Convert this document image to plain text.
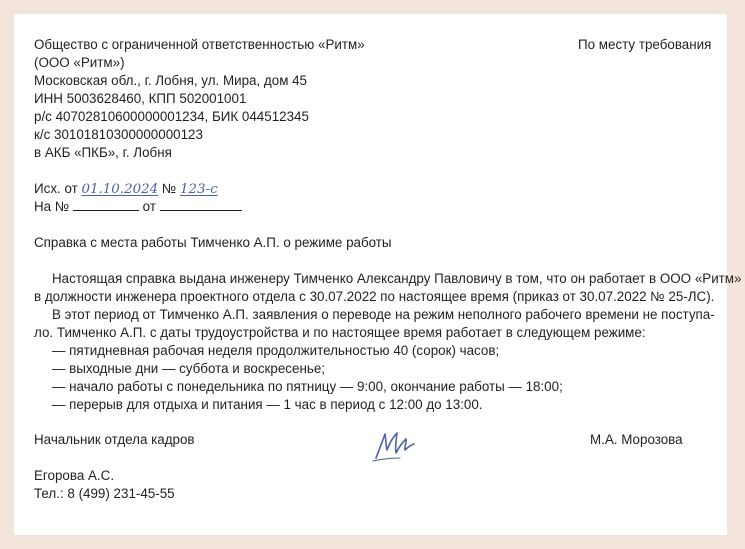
Общество с ограниченной ответственностью «Ритм»
(ООО «Ритм»)
Московская обл., г. Лобня, ул. Мира, дом 45
ИНН 5003628460, КПП 502001001
р/с 40702810600000001234, БИК 044512345
к/с 30101810300000000123
в АКБ «ПКБ», г. Лобня
По месту требования
Исх. от 01.10.2024 № 123-с
На №	от
Справка с места работы Тимченко А.П. о режиме работы
Настоящая справка выдана инженеру Тимченко Александру Павловичу в том, что он работает в ООО «Ритм»
в должности инженера проектного отдела с 30.07.2022 по настоящее время (приказ от 30.07.2022 № 25-ЛС).
В этот период от Тимченко А.П. заявления о переводе на режим неполного рабочего времени не поступа-
ло. Тимченко А.П. с даты трудоустройства и по настоящее время работает в следующем режиме:
— пятидневная рабочая неделя продолжительностью 40 (сорок) часов;
— выходные дни — суббота и воскресенье;
— начало работы с понедельника по пятницу — 9:00, окончание работы — 18:00;
— перерыв для отдыха и питания — 1 час в период с 12:00 до 13:00.
Начальник отдела кадров	М.А. Морозова
Егорова А.С.
Тел.: 8 (499) 231-45-55
